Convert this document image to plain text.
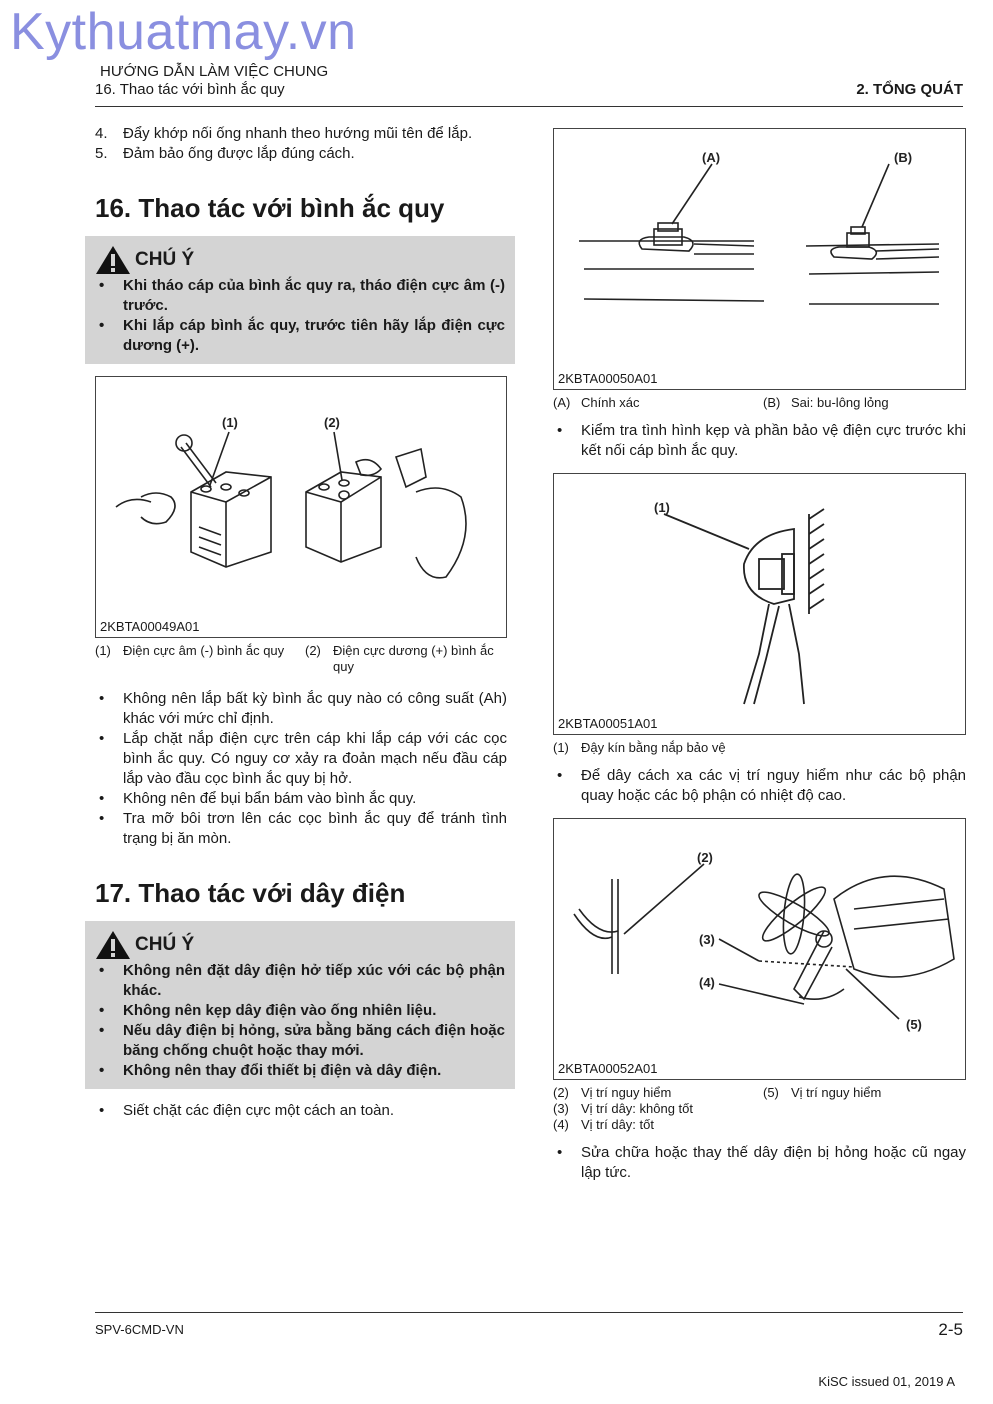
Kythuatmay.vn
HƯỚNG DẪN LÀM VIỆC CHUNG
16. Thao tác với bình ắc quy	2. TỔNG QUÁT
4.	Đẩy khớp nối ống nhanh theo hướng mũi tên để lắp.
5.	Đảm bảo ống được lắp đúng cách.
16. Thao tác với bình ắc quy
CHÚ Ý
•	Khi tháo cáp của bình ắc quy ra, tháo điện cực âm (-) trước.
•	Khi lắp cáp bình ắc quy, trước tiên hãy lắp điện cực dương (+).
(1)	(2)
2KBTA00049A01
(1) Điện cực âm (-) bình ắc quy	(2) Điện cực dương (+) bình ắc quy
•	Không nên lắp bất kỳ bình ắc quy nào có công suất (Ah) khác với mức chỉ định.
•	Lắp chặt nắp điện cực trên cáp khi lắp cáp với các cọc bình ắc quy. Có nguy cơ xảy ra đoản mạch nếu đầu cáp lắp vào đầu cọc bình ắc quy bị hở.
•	Không nên để bụi bẩn bám vào bình ắc quy.
•	Tra mỡ bôi trơn lên các cọc bình ắc quy để tránh tình trạng bị ăn mòn.
17. Thao tác với dây điện
CHÚ Ý
•	Không nên đặt dây điện hở tiếp xúc với các bộ phận khác.
•	Không nên kẹp dây điện vào ống nhiên liệu.
•	Nếu dây điện bị hỏng, sửa bằng băng cách điện hoặc băng chống chuột hoặc thay mới.
•	Không nên thay đổi thiết bị điện và dây điện.
•	Siết chặt các điện cực một cách an toàn.
(A)	(B)
2KBTA00050A01
(A) Chính xác	(B) Sai: bu-lông lỏng
•	Kiểm tra tình hình kẹp và phần bảo vệ điện cực trước khi kết nối cáp bình ắc quy.
(1)
2KBTA00051A01
(1) Đậy kín bằng nắp bảo vệ
•	Để dây cách xa các vị trí nguy hiểm như các bộ phận quay hoặc các bộ phận có nhiệt độ cao.
(2)
(3)
(4)
(5)
2KBTA00052A01
(2) Vị trí nguy hiểm
(3) Vị trí dây: không tốt
(4) Vị trí dây: tốt
(5) Vị trí nguy hiểm
•	Sửa chữa hoặc thay thế dây điện bị hỏng hoặc cũ ngay lập tức.
SPV-6CMD-VN	2-5
KiSC issued 01, 2019 A
